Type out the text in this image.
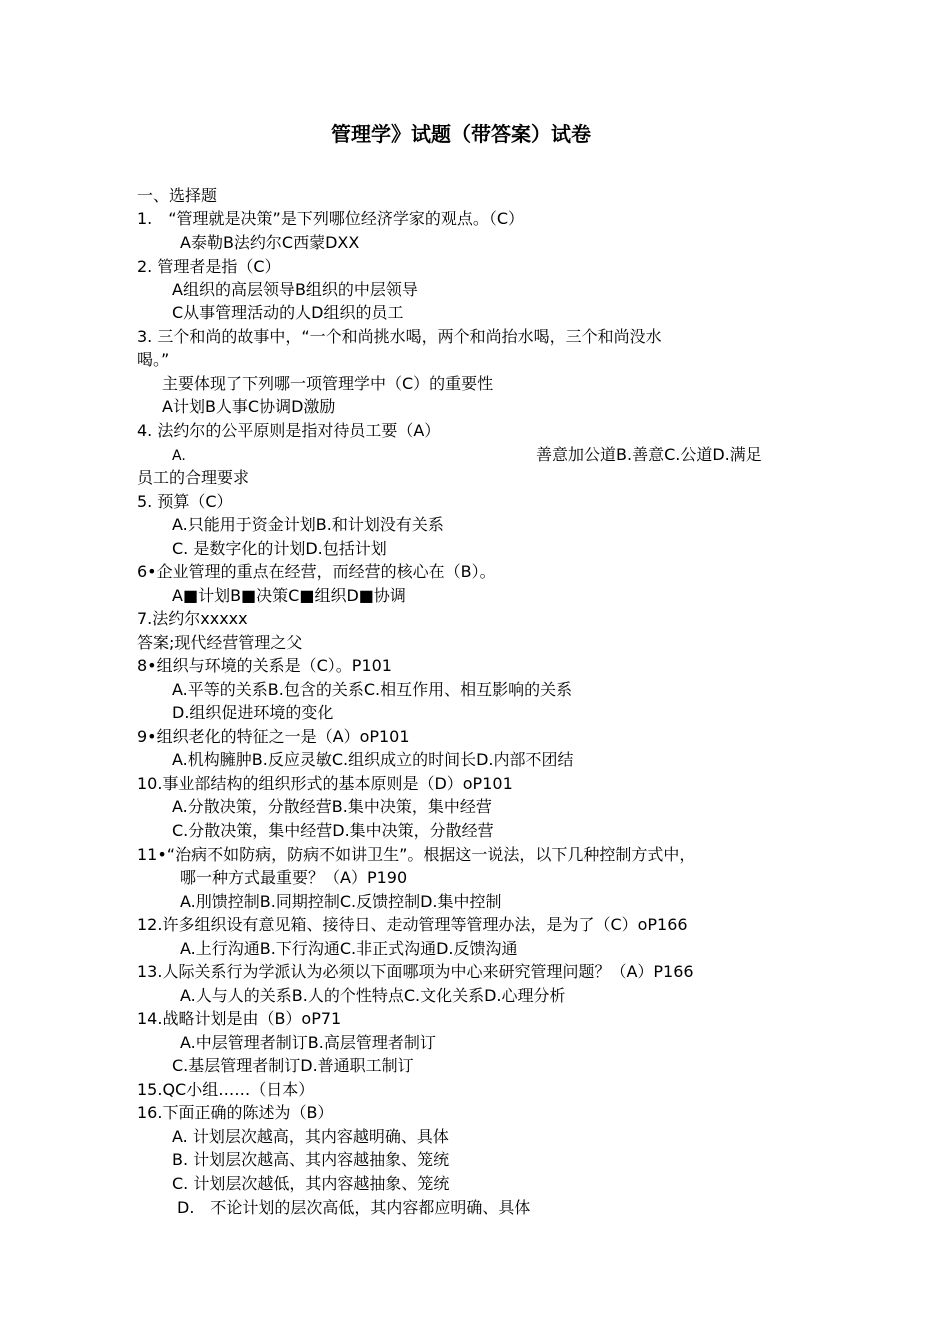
管理学》试题（带答案）试卷
一、选择题
1.　“管理就是决策”是下列哪位经济学家的观点。（C）
A泰勒B法约尔C西蒙DXX
2. 管理者是指（C）
A组织的高层领导B组织的中层领导
C从事管理活动的人D组织的员工
3. 三个和尚的故事中，“一个和尚挑水喝，两个和尚抬水喝，三个和尚没水
喝。”
主要体现了下列哪一项管理学中（C）的重要性
A计划B人事C协调D激励
4. 法约尔的公平原则是指对待员工要（A）
A.	善意加公道B.善意C.公道D.满足
员工的合理要求
5. 预算（C）
A.只能用于资金计划B.和计划没有关系
C. 是数字化的计划D.包括计划
6•企业管理的重点在经营，而经营的核心在（B）。
A■计划B■决策C■组织D■协调
7.法约尔xxxxx
答案;现代经营管理之父
8•组织与环境的关系是（C）。P101
A.平等的关系B.包含的关系C.相互作用、相互影响的关系
D.组织促进环境的变化
9•组织老化的特征之一是（A）oP101
A.机构臃肿B.反应灵敏C.组织成立的时间长D.内部不团结
10.事业部结构的组织形式的基本原则是（D）oP101
A.分散决策，分散经营B.集中决策，集中经营
C.分散决策，集中经营D.集中决策，分散经营
11•“治病不如防病，防病不如讲卫生”。根据这一说法，以下几种控制方式中，
哪一种方式最重要？（A）P190
A.刖馈控制B.同期控制C.反馈控制D.集中控制
12.许多组织设有意见箱、接待日、走动管理等管理办法，是为了（C）oP166
A.上行沟通B.下行沟通C.非正式沟通D.反馈沟通
13.人际关系行为学派认为必须以下面哪项为中心来研究管理问题？（A）P166
A.人与人的关系B.人的个性特点C.文化关系D.心理分析
14.战略计划是由（B）oP71
A.中层管理者制订B.高层管理者制订
C.基层管理者制订D.普通职工制订
15.QC小组……（日本）
16.下面正确的陈述为（B）
A. 计划层次越高，其内容越明确、具体
B. 计划层次越高、其内容越抽象、笼统
C. 计划层次越低，其内容越抽象、笼统
D.　不论计划的层次高低，其内容都应明确、具体
